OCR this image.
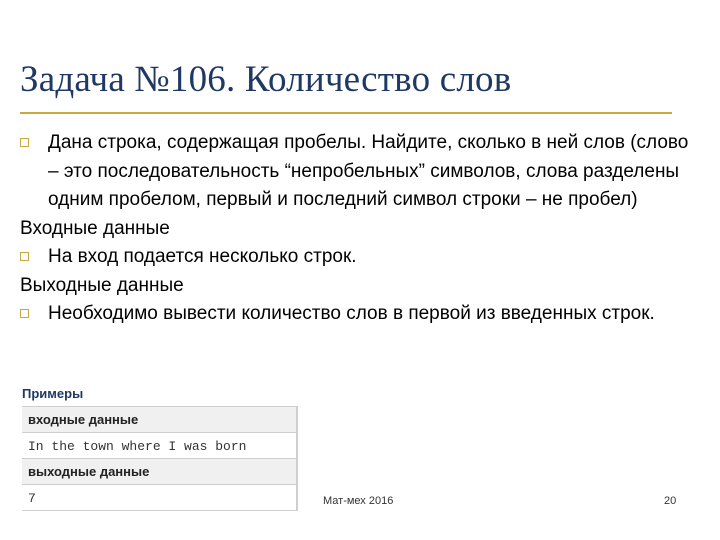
Задача №106. Количество слов
Дана строка, содержащая пробелы. Найдите, сколько в ней слов (слово – это последовательность “непробельных” символов, слова разделены одним пробелом, первый и последний символ строки – не пробел)
Входные данные
На вход подается несколько строк.
Выходные данные
Необходимо вывести количество слов в первой из введенных строк.
Примеры
входные данные
In the town where I was born
выходные данные
7	Мат-мех 2016	20
